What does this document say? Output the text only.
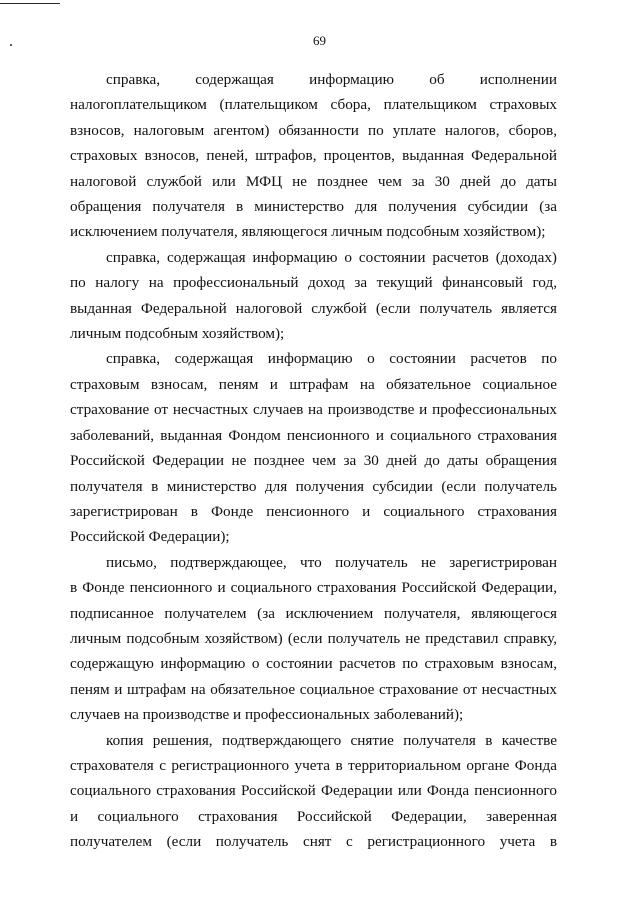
69

справка, содержащая информацию об исполнении
налогоплательщиком (плательщиком сбора, плательщиком страховых
взносов, налоговым агентом) обязанности по уплате налогов, сборов,
страховых взносов, пеней, штрафов, процентов, выданная Федеральной
налоговой службой или МФЦ не позднее чем за 30 дней до даты
обращения получателя в министерство для получения субсидии (за
исключением получателя, являющегося личным подсобным хозяйством);

справка, содержащая информацию о состоянии расчетов (доходах)
по налогу на профессиональный доход за текущий финансовый год,
выданная Федеральной налоговой службой (если получатель является
личным подсобным хозяйством);

справка, содержащая информацию о состоянии расчетов по
страховым взносам, пеням и штрафам на обязательное социальное
страхование от несчастных случаев на производстве и профессиональных
заболеваний, выданная Фондом пенсионного и социального страхования
Российской Федерации не позднее чем за 30 дней до даты обращения
получателя в министерство для получения субсидии (если получатель
зарегистрирован в Фонде пенсионного и социального страхования
Российской Федерации);

письмо, подтверждающее, что получатель не зарегистрирован
в Фонде пенсионного и социального страхования Российской Федерации,
подписанное получателем (за исключением получателя, являющегося
личным подсобным хозяйством) (если получатель не представил справку,
содержащую информацию о состоянии расчетов по страховым взносам,
пеням и штрафам на обязательное социальное страхование от несчастных
случаев на производстве и профессиональных заболеваний);

копия решения, подтверждающего снятие получателя в качестве
страхователя с регистрационного учета в территориальном органе Фонда
социального страхования Российской Федерации или Фонда пенсионного
и социального страхования Российской Федерации, заверенная
получателем (если получатель снят с регистрационного учета в
